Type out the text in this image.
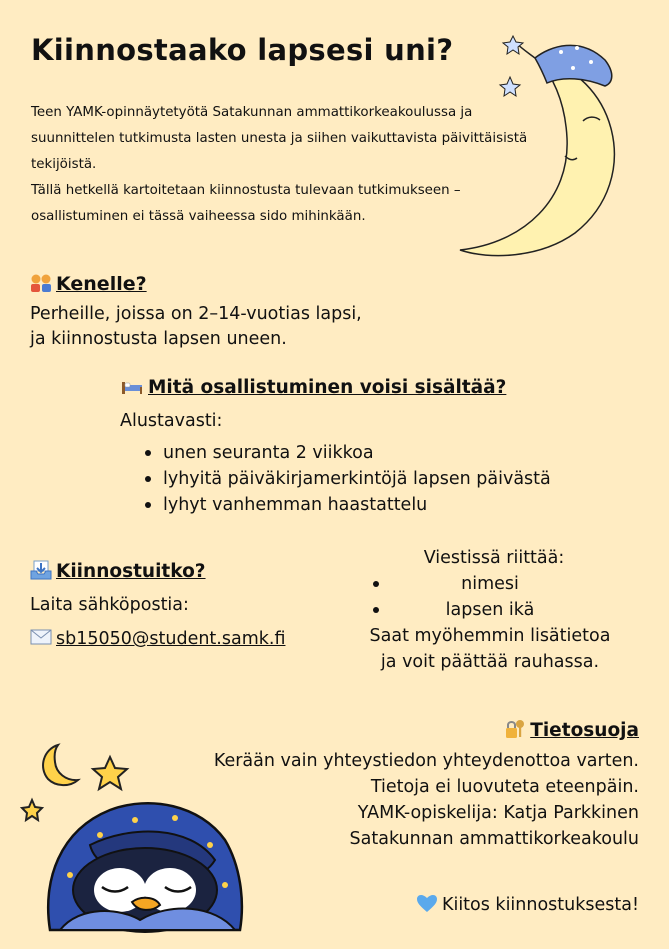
Kiinnostaako lapsesi uni?

Teen YAMK-opinnäytetyötä Satakunnan ammattikorkeakoulussa ja suunnittelen tutkimusta lasten unesta ja siihen vaikuttavista päivittäisistä tekijöistä.

Tällä hetkellä kartoitetaan kiinnostusta tulevaan tutkimukseen – osallistuminen ei tässä vaiheessa sido mihinkään.

Kenelle?
Perheille, joissa on 2–14-vuotias lapsi,
ja kiinnostusta lapsen uneen.
Mitä osallistuminen voisi sisältää?
Alustavasti:
unen seuranta 2 viikkoa
lyhyitä päiväkirjamerkintöjä lapsen päivästä
lyhyt vanhemman haastattelu
Kiinnostuitko?
Laita sähköpostia:
sb15050@student.samk.fi
Viestissä riittää:
nimesi
lapsen ikä
Saat myöhemmin lisätietoa
ja voit päättää rauhassa.
Tietosuoja
Kerään vain yhteystiedon yhteydenottoa varten.
Tietoja ei luovuteta eteenpäin.
YAMK-opiskelija: Katja Parkkinen
Satakunnan ammattikorkeakoulu
Kiitos kiinnostuksesta!
